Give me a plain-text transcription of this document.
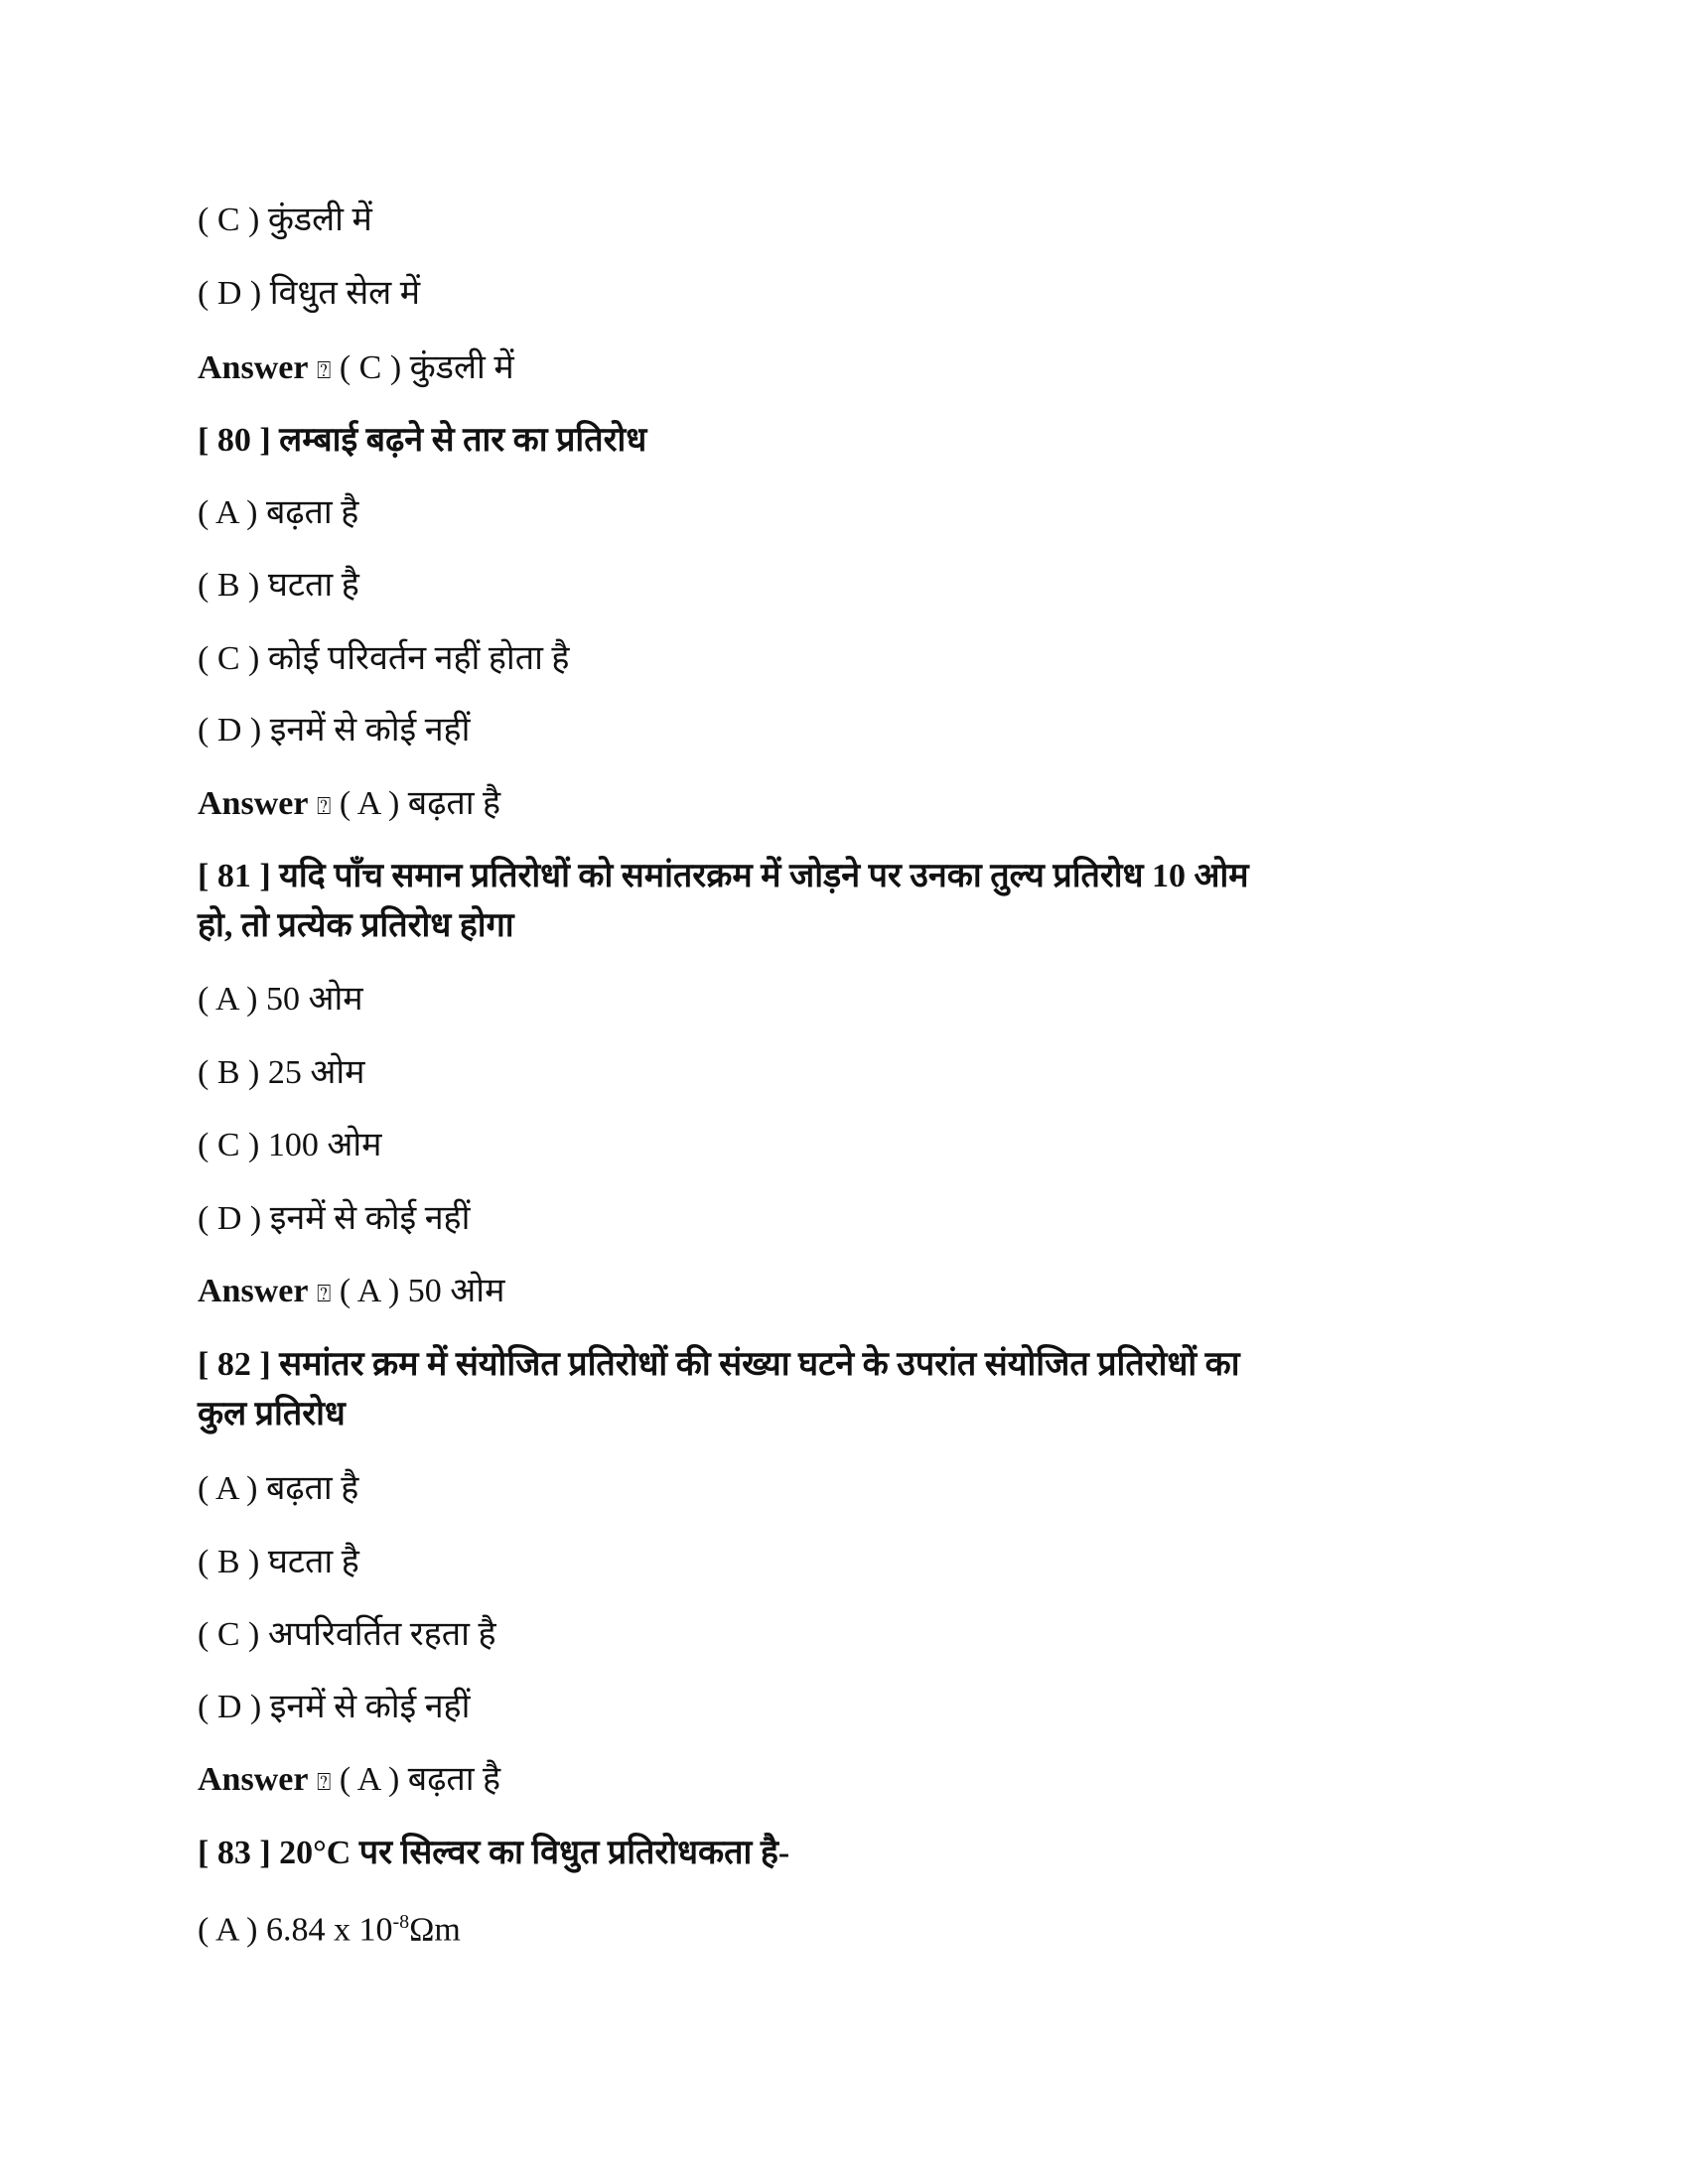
( C ) कुंडली में
( D ) विधुत सेल में
Answer ⍰ ( C ) कुंडली में
[ 80 ] लम्बाई बढ़ने से तार का प्रतिरोध
( A ) बढ़ता है
( B ) घटता है
( C ) कोई परिवर्तन नहीं होता है
( D ) इनमें से कोई नहीं
Answer ⍰ ( A ) बढ़ता है
[ 81 ] यदि पाँच समान प्रतिरोधों को समांतरक्रम में जोड़ने पर उनका तुल्य प्रतिरोध 10 ओम
हो, तो प्रत्येक प्रतिरोध होगा
( A ) 50 ओम
( B ) 25 ओम
( C ) 100 ओम
( D ) इनमें से कोई नहीं
Answer ⍰ ( A ) 50 ओम
[ 82 ] समांतर क्रम में संयोजित प्रतिरोधों की संख्या घटने के उपरांत संयोजित प्रतिरोधों का
कुल प्रतिरोध
( A ) बढ़ता है
( B ) घटता है
( C ) अपरिवर्तित रहता है
( D ) इनमें से कोई नहीं
Answer ⍰ ( A ) बढ़ता है
[ 83 ] 20°C पर सिल्वर का विधुत प्रतिरोधकता है-
( A ) 6.84 x $10^{-8}\Omega m$
